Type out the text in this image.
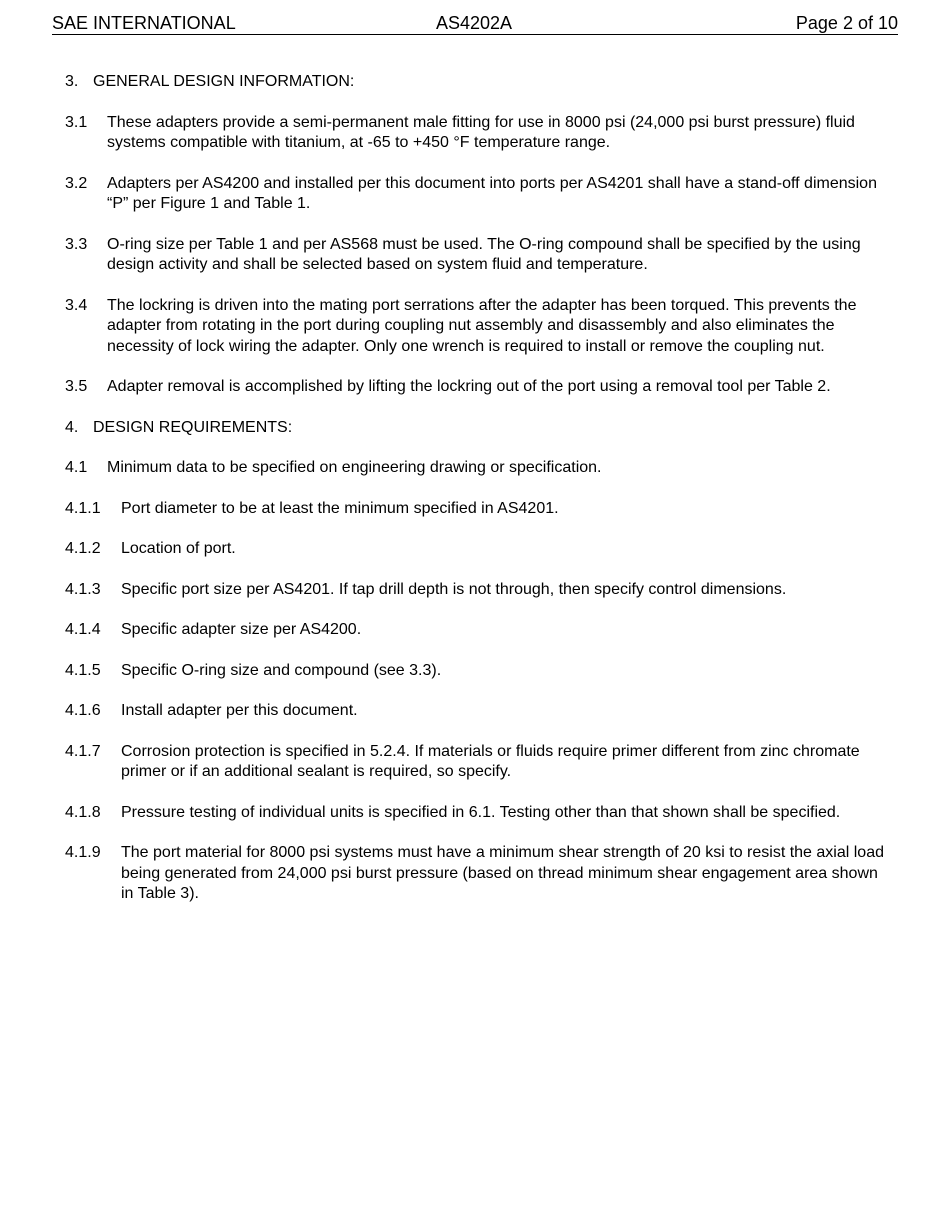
SAE INTERNATIONAL	AS4202A	Page 2 of 10
3. GENERAL DESIGN INFORMATION:
3.1	These adapters provide a semi-permanent male fitting for use in 8000 psi (24,000 psi burst pressure) fluid systems compatible with titanium, at -65 to +450 °F temperature range.
3.2	Adapters per AS4200 and installed per this document into ports per AS4201 shall have a stand-off dimension “P” per Figure 1 and Table 1.
3.3	O-ring size per Table 1 and per AS568 must be used. The O-ring compound shall be specified by the using design activity and shall be selected based on system fluid and temperature.
3.4	The lockring is driven into the mating port serrations after the adapter has been torqued. This prevents the adapter from rotating in the port during coupling nut assembly and disassembly and also eliminates the necessity of lock wiring the adapter. Only one wrench is required to install or remove the coupling nut.
3.5	Adapter removal is accomplished by lifting the lockring out of the port using a removal tool per Table 2.
4. DESIGN REQUIREMENTS:
4.1	Minimum data to be specified on engineering drawing or specification.
4.1.1	Port diameter to be at least the minimum specified in AS4201.
4.1.2	Location of port.
4.1.3	Specific port size per AS4201. If tap drill depth is not through, then specify control dimensions.
4.1.4	Specific adapter size per AS4200.
4.1.5	Specific O-ring size and compound (see 3.3).
4.1.6	Install adapter per this document.
4.1.7	Corrosion protection is specified in 5.2.4. If materials or fluids require primer different from zinc chromate primer or if an additional sealant is required, so specify.
4.1.8	Pressure testing of individual units is specified in 6.1. Testing other than that shown shall be specified.
4.1.9	The port material for 8000 psi systems must have a minimum shear strength of 20 ksi to resist the axial load being generated from 24,000 psi burst pressure (based on thread minimum shear engagement area shown in Table 3).
